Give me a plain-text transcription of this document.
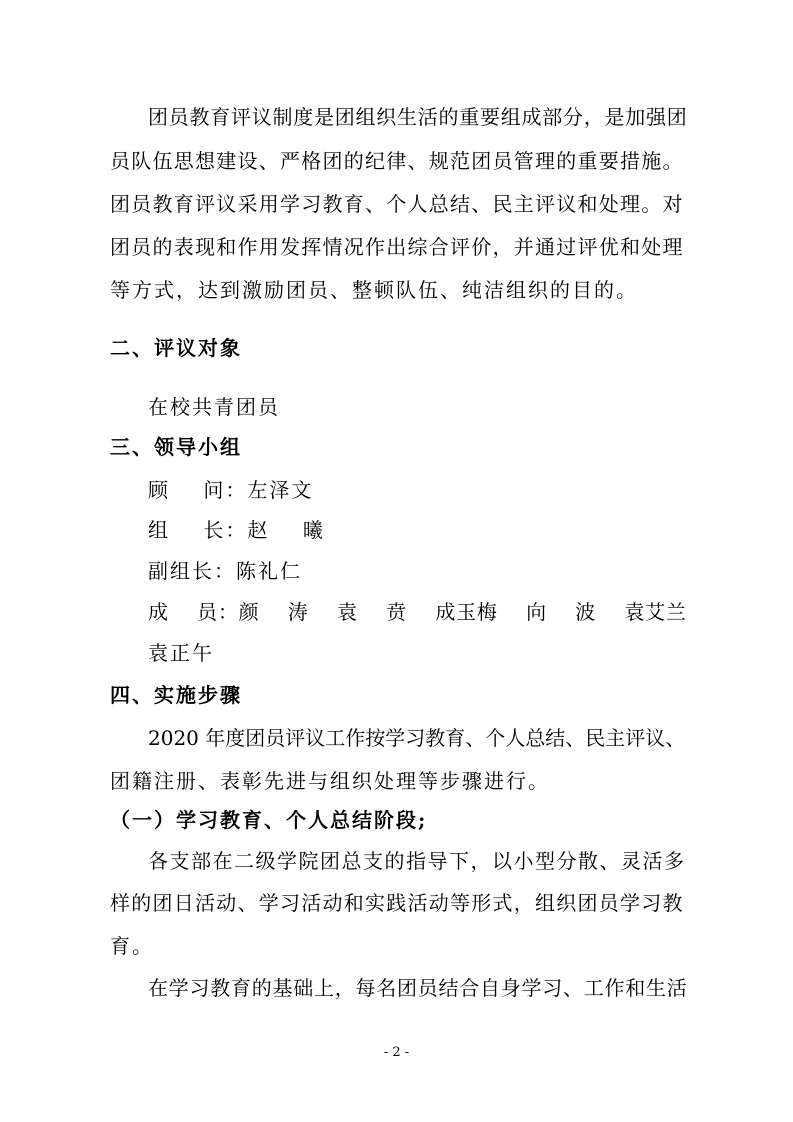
团员教育评议制度是团组织生活的重要组成部分，是加强团
员队伍思想建设、严格团的纪律、规范团员管理的重要措施。
团员教育评议采用学习教育、个人总结、民主评议和处理。对
团员的表现和作用发挥情况作出综合评价，并通过评优和处理
等方式，达到激励团员、整顿队伍、纯洁组织的目的。
二、评议对象
在校共青团员
三、领导小组
顾    问：左泽文
组    长：赵    曦
副组长：陈礼仁
成    员：颜    涛    袁    贲    成玉梅    向    波    袁艾兰
袁正午
四、实施步骤
2020 年度团员评议工作按学习教育、个人总结、民主评议、
团籍注册、表彰先进与组织处理等步骤进行。
（一）学习教育、个人总结阶段;
各支部在二级学院团总支的指导下，以小型分散、灵活多
样的团日活动、学习活动和实践活动等形式，组织团员学习教
育。
在学习教育的基础上，每名团员结合自身学习、工作和生活
- 2 -
